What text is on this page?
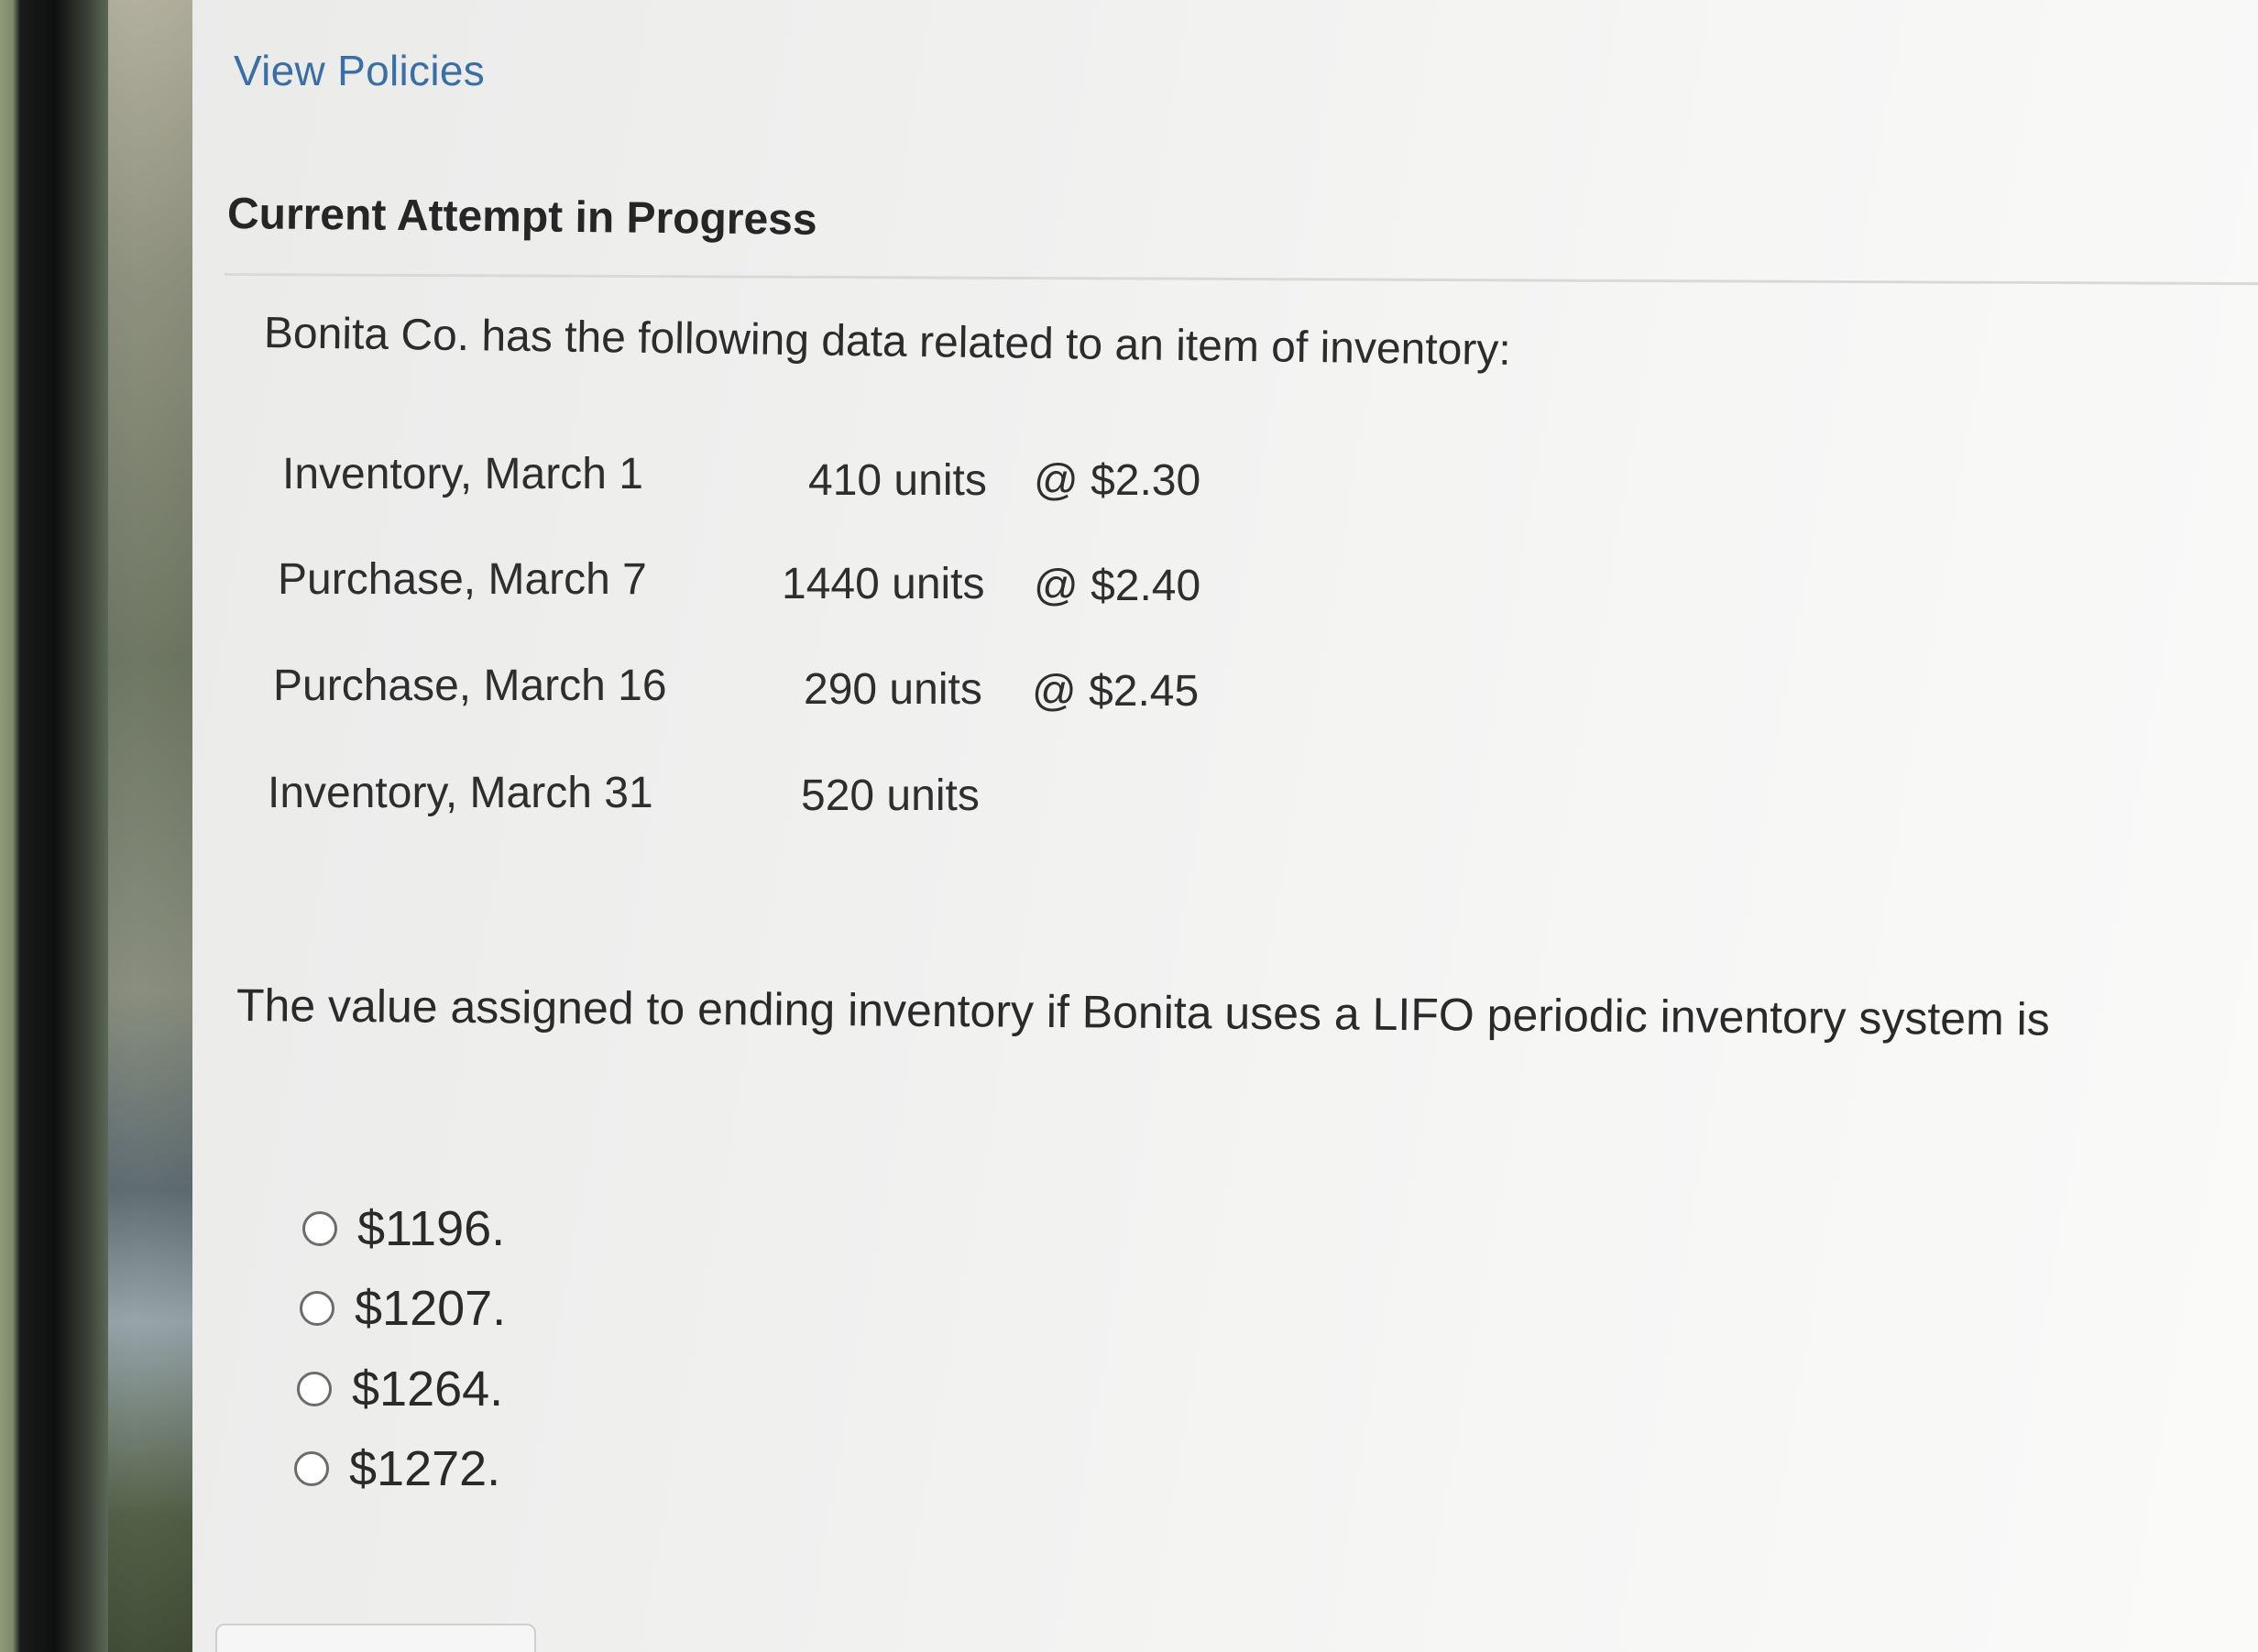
View Policies
Current Attempt in Progress
Bonita Co. has the following data related to an item of inventory:
Inventory, March 1	410 units @ $2.30
Purchase, March 7	1440 units @ $2.40
Purchase, March 16	290 units @ $2.45
Inventory, March 31	520 units
The value assigned to ending inventory if Bonita uses a LIFO periodic inventory system is
$1196.
$1207.
$1264.
$1272.
